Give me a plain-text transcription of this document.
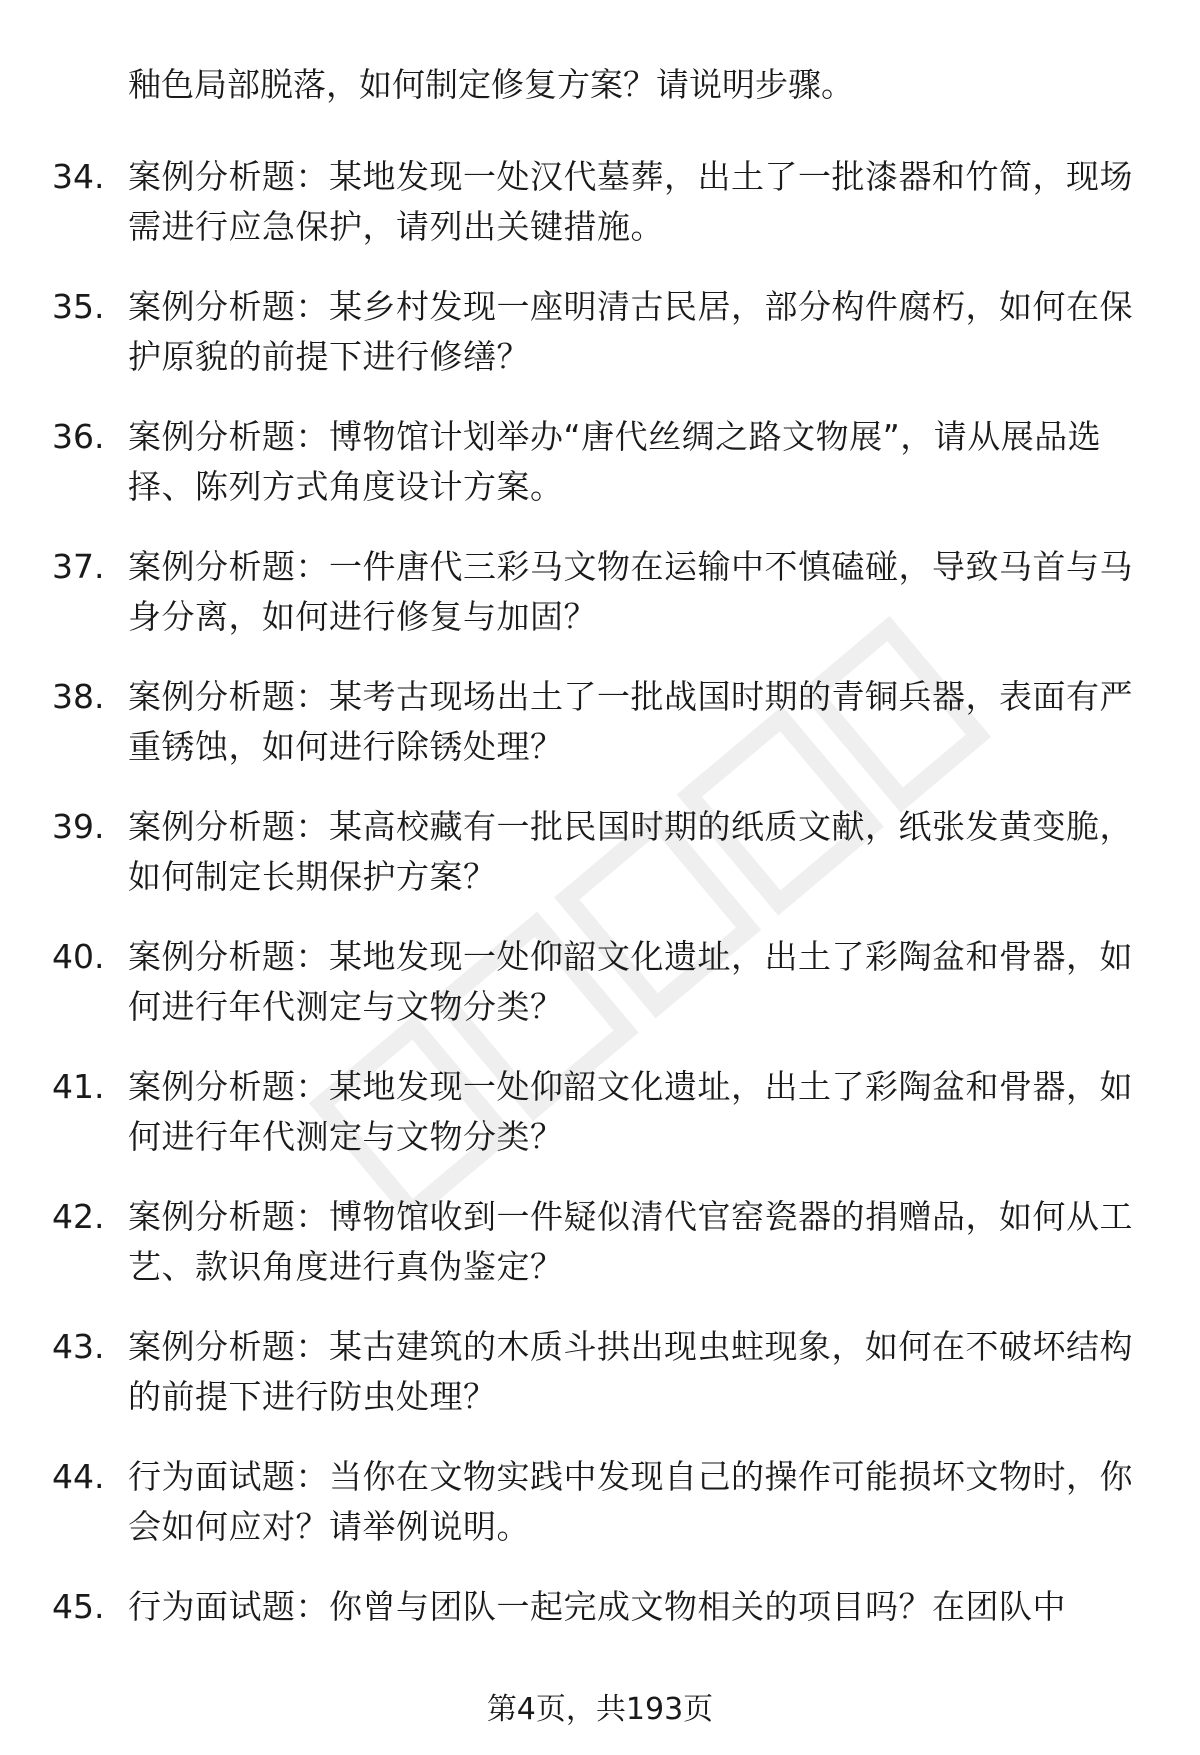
釉色局部脱落，如何制定修复方案？请说明步骤。

34. 案例分析题：某地发现一处汉代墓葬，出土了一批漆器和竹简，现场需进行应急保护，请列出关键措施。
35. 案例分析题：某乡村发现一座明清古民居，部分构件腐朽，如何在保护原貌的前提下进行修缮？
36. 案例分析题：博物馆计划举办“唐代丝绸之路文物展”，请从展品选择、陈列方式角度设计方案。
37. 案例分析题：一件唐代三彩马文物在运输中不慎磕碰，导致马首与马身分离，如何进行修复与加固？
38. 案例分析题：某考古现场出土了一批战国时期的青铜兵器，表面有严重锈蚀，如何进行除锈处理？
39. 案例分析题：某高校藏有一批民国时期的纸质文献，纸张发黄变脆，如何制定长期保护方案？
40. 案例分析题：某地发现一处仰韶文化遗址，出土了彩陶盆和骨器，如何进行年代测定与文物分类？
41. 案例分析题：某地发现一处仰韶文化遗址，出土了彩陶盆和骨器，如何进行年代测定与文物分类？
42. 案例分析题：博物馆收到一件疑似清代官窑瓷器的捐赠品，如何从工艺、款识角度进行真伪鉴定？
43. 案例分析题：某古建筑的木质斗拱出现虫蛀现象，如何在不破坏结构的前提下进行防虫处理？
44. 行为面试题：当你在文物实践中发现自己的操作可能损坏文物时，你会如何应对？请举例说明。
45. 行为面试题：你曾与团队一起完成文物相关的项目吗？在团队中
第4页，共193页
